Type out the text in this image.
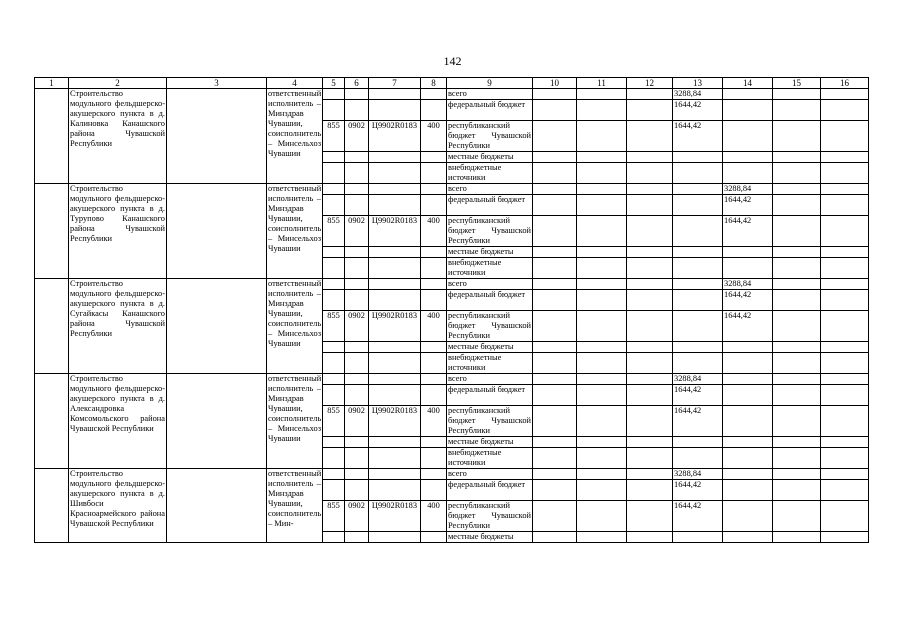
142
1	2	3	4	5	6	7	8	9	10	11	12	13	14	15	16
	Строительство модульного фельдшерско-акушерского пункта в д. Калиновка Канашского района Чувашской Республики		ответственный исполнитель – Минздрав Чувашии, соисполнитель – Минсельхоз Чувашии					всего				3288,84			
								федеральный бюджет				1644,42			
				855	0902	Ц9902R0183	400	республиканский бюджет Чувашской Республики				1644,42			
								местные бюджеты							
								внебюджетные источники							
	Строительство модульного фельдшерско-акушерского пункта в д. Турупово Канашского района Чувашской Республики		ответственный исполнитель – Минздрав Чувашии, соисполнитель – Минсельхоз Чувашии					всего					3288,84		
								федеральный бюджет					1644,42		
				855	0902	Ц9902R0183	400	республиканский бюджет Чувашской Республики					1644,42		
								местные бюджеты							
								внебюджетные источники							
	Строительство модульного фельдшерско-акушерского пункта в д. Сугайкасы Канашского района Чувашской Республики		ответственный исполнитель – Минздрав Чувашии, соисполнитель – Минсельхоз Чувашии					всего					3288,84		
								федеральный бюджет					1644,42		
				855	0902	Ц9902R0183	400	республиканский бюджет Чувашской Республики					1644,42		
								местные бюджеты							
								внебюджетные источники							
	Строительство модульного фельдшерско-акушерского пункта в д. Александровка Комсомольского района Чувашской Республики		ответственный исполнитель – Минздрав Чувашии, соисполнитель – Минсельхоз Чувашии					всего				3288,84			
								федеральный бюджет				1644,42			
				855	0902	Ц9902R0183	400	республиканский бюджет Чувашской Республики				1644,42			
								местные бюджеты							
								внебюджетные источники							
	Строительство модульного фельдшерско-акушерского пункта в д. Шивбоси Красноармейского района Чувашской Республики		ответственный исполнитель – Минздрав Чувашии, соисполнитель – Мин-					всего				3288,84			
								федеральный бюджет				1644,42			
				855	0902	Ц9902R0183	400	республиканский бюджет Чувашской Республики				1644,42			
								местные бюджеты							
